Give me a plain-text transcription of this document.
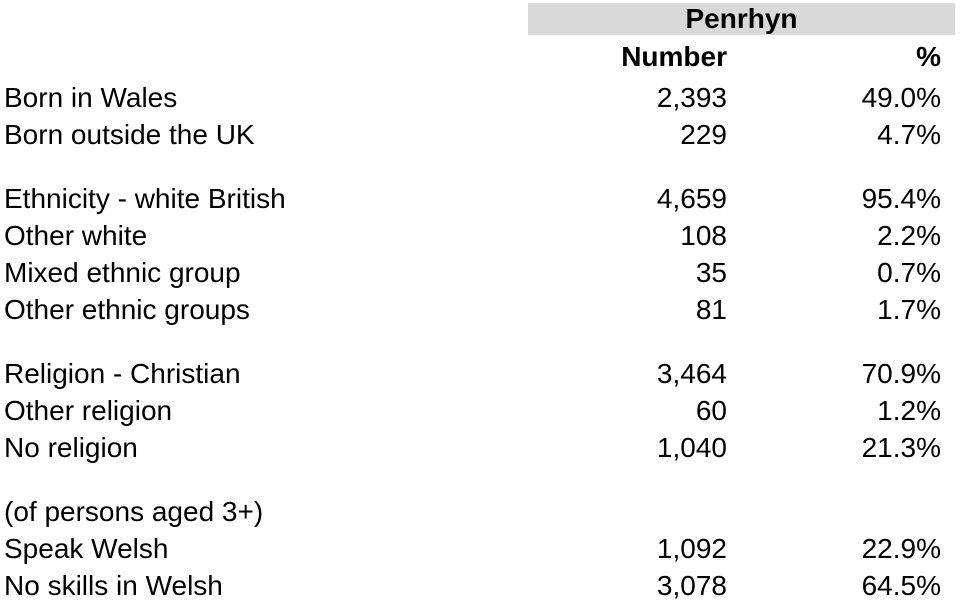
Penrhyn
Number	%
Born in Wales	2,393	49.0%
Born outside the UK	229	4.7%
Ethnicity - white British	4,659	95.4%
Other white	108	2.2%
Mixed ethnic group	35	0.7%
Other ethnic groups	81	1.7%
Religion - Christian	3,464	70.9%
Other religion	60	1.2%
No religion	1,040	21.3%
(of persons aged 3+)
Speak Welsh	1,092	22.9%
No skills in Welsh	3,078	64.5%
